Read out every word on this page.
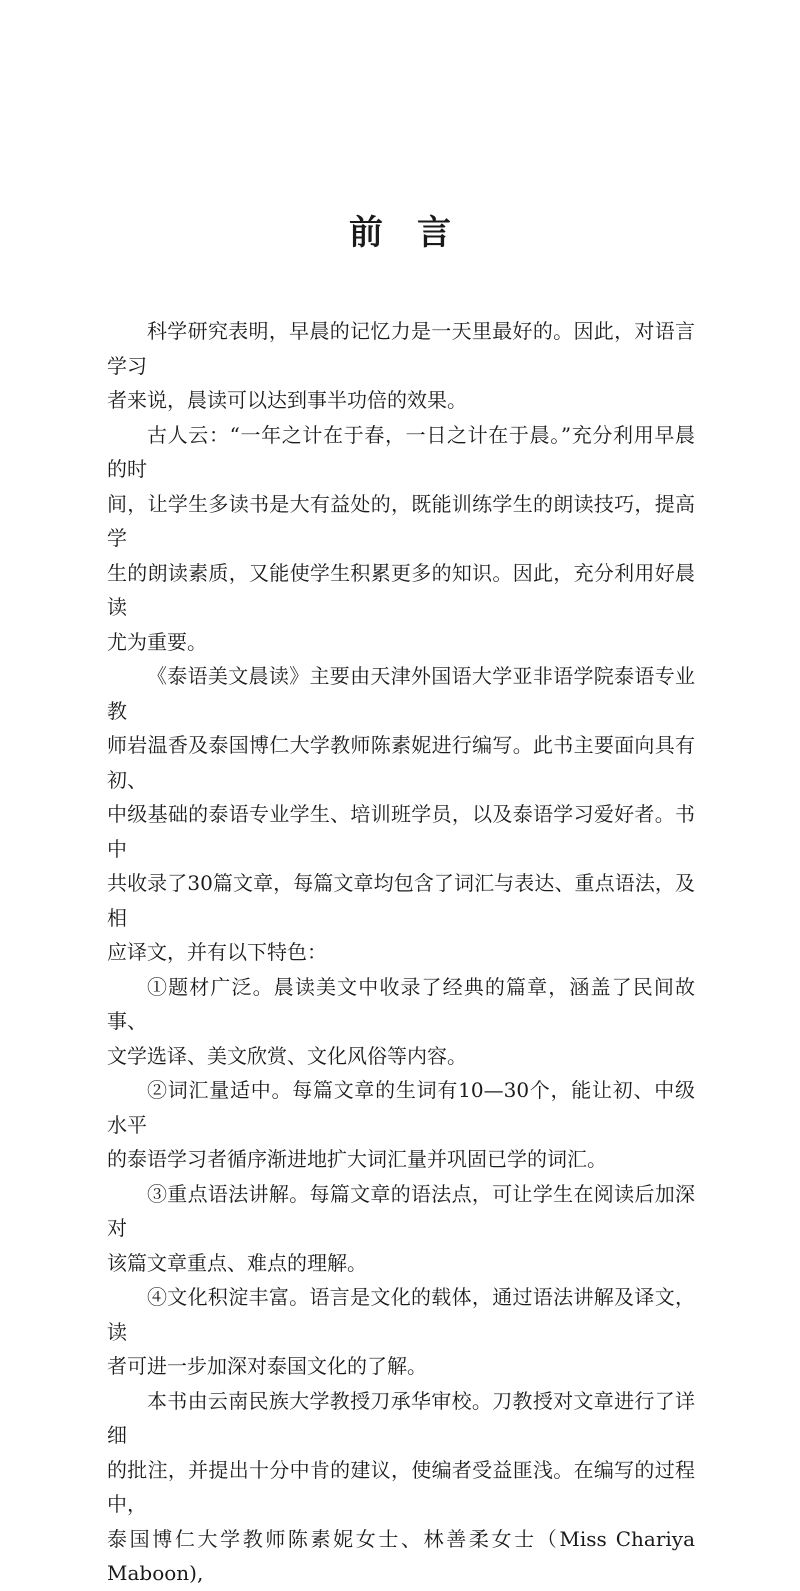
前言

科学研究表明，早晨的记忆力是一天里最好的。因此，对语言学习
者来说，晨读可以达到事半功倍的效果。

古人云：“一年之计在于春，一日之计在于晨。”充分利用早晨的时
间，让学生多读书是大有益处的，既能训练学生的朗读技巧，提高学
生的朗读素质，又能使学生积累更多的知识。因此，充分利用好晨读
尤为重要。

《泰语美文晨读》主要由天津外国语大学亚非语学院泰语专业教
师岩温香及泰国博仁大学教师陈素妮进行编写。此书主要面向具有初、
中级基础的泰语专业学生、培训班学员，以及泰语学习爱好者。书中
共收录了30篇文章，每篇文章均包含了词汇与表达、重点语法，及相
应译文，并有以下特色：

①题材广泛。晨读美文中收录了经典的篇章，涵盖了民间故事、
文学选译、美文欣赏、文化风俗等内容。

②词汇量适中。每篇文章的生词有10—30个，能让初、中级水平
的泰语学习者循序渐进地扩大词汇量并巩固已学的词汇。

③重点语法讲解。每篇文章的语法点，可让学生在阅读后加深对
该篇文章重点、难点的理解。

④文化积淀丰富。语言是文化的载体，通过语法讲解及译文，读
者可进一步加深对泰国文化的了解。

本书由云南民族大学教授刀承华审校。刀教授对文章进行了详细
的批注，并提出十分中肯的建议，使编者受益匪浅。在编写的过程中，
泰国博仁大学教师陈素妮女士、林善柔女士（Miss Chariya Maboon),
